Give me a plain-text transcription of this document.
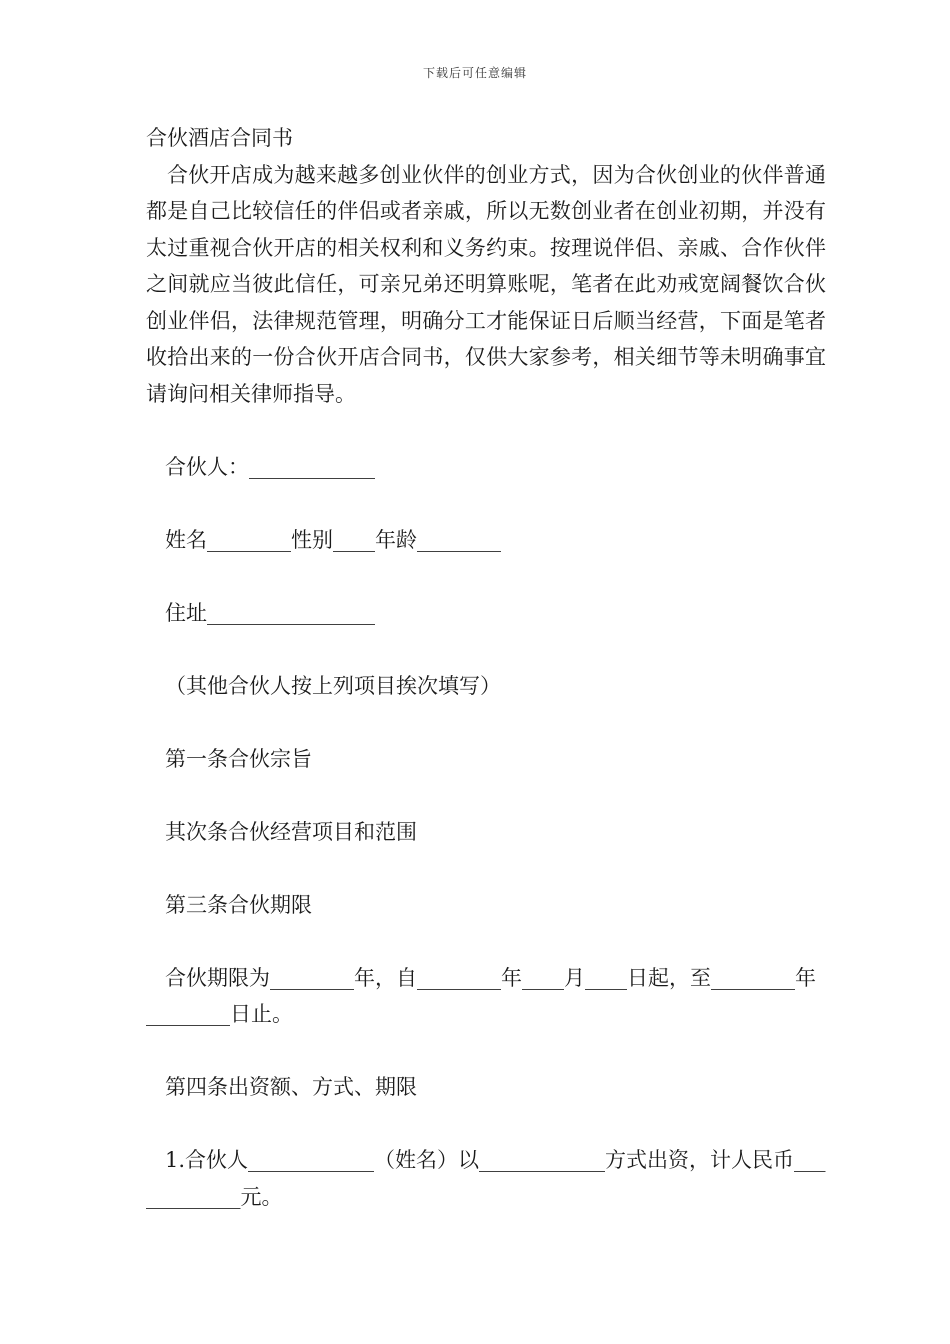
下载后可任意编辑

合伙酒店合同书

合伙开店成为越来越多创业伙伴的创业方式，因为合伙创业的伙伴普通都是自己比较信任的伴侣或者亲戚，所以无数创业者在创业初期，并没有太过重视合伙开店的相关权利和义务约束。按理说伴侣、亲戚、合作伙伴之间就应当彼此信任，可亲兄弟还明算账呢，笔者在此劝戒宽阔餐饮合伙创业伴侣，法律规范管理，明确分工才能保证日后顺当经营，下面是笔者收拾出来的一份合伙开店合同书，仅供大家参考，相关细节等未明确事宜请询问相关律师指导。

合伙人：____________

姓名________性别____年龄________

住址________________

（其他合伙人按上列项目挨次填写）

第一条合伙宗旨

其次条合伙经营项目和范围

第三条合伙期限

合伙期限为________年，自________年____月____日起，至________年________日止。

第四条出资额、方式、期限

1.合伙人____________（姓名）以____________方式出资，计人民币____________元。
